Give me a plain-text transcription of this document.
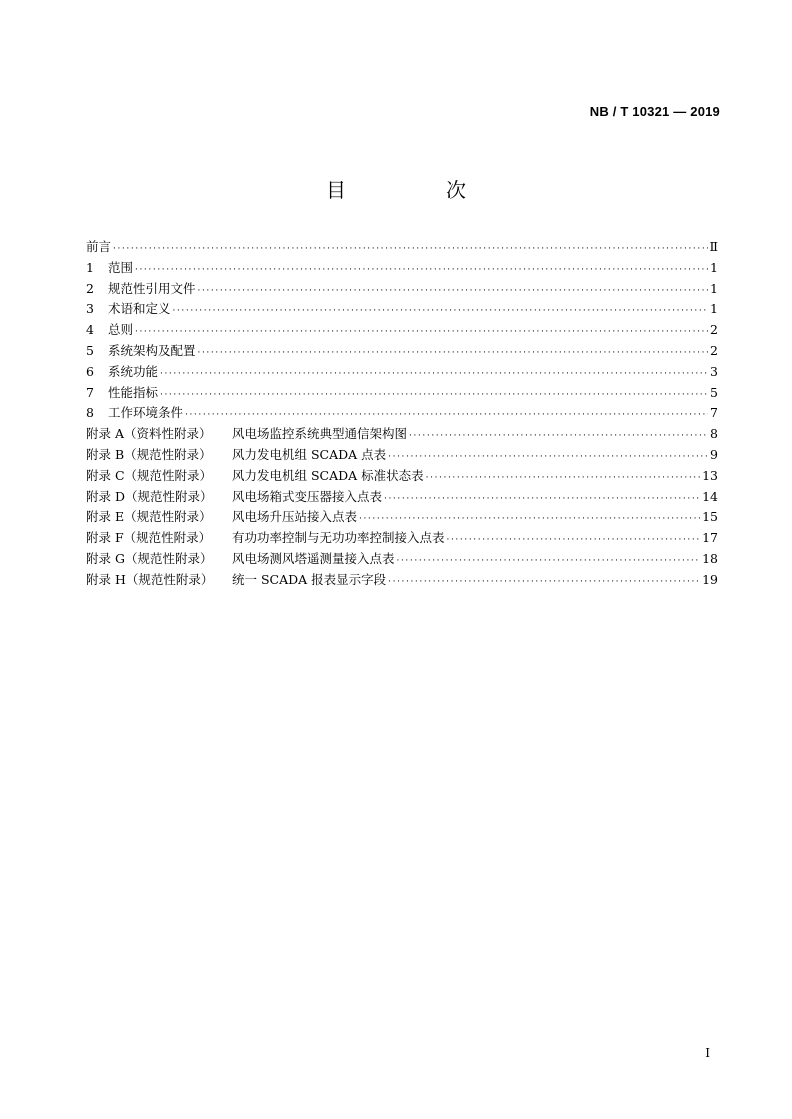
NB / T 10321 — 2019
目　次
前言 ·····	Ⅱ
1	范围 ·····	1
2	规范性引用文件 ·····	1
3	术语和定义 ·····	1
4	总则 ·····	2
5	系统架构及配置 ·····	2
6	系统功能 ·····	3
7	性能指标 ·····	5
8	工作环境条件 ·····	7
附录 A（资料性附录）	风电场监控系统典型通信架构图 ·····	8
附录 B（规范性附录）	风力发电机组 SCADA 点表 ·····	9
附录 C（规范性附录）	风力发电机组 SCADA 标准状态表 ·····	13
附录 D（规范性附录）	风电场箱式变压器接入点表 ·····	14
附录 E（规范性附录）	风电场升压站接入点表 ·····	15
附录 F（规范性附录）	有功功率控制与无功功率控制接入点表 ·····	17
附录 G（规范性附录）	风电场测风塔遥测量接入点表 ·····	18
附录 H（规范性附录）	统一 SCADA 报表显示字段 ·····	19
I
